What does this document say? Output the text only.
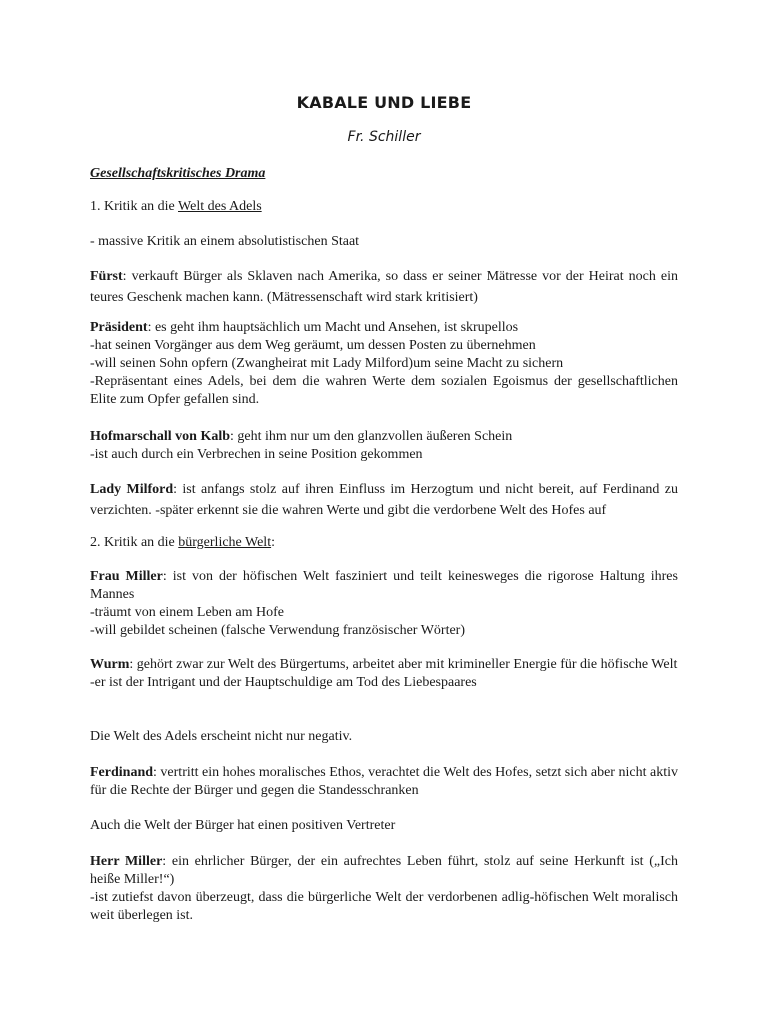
KABALE UND LIEBE
Fr. Schiller
Gesellschaftskritisches Drama
1. Kritik an die Welt des Adels
- massive Kritik an einem absolutistischen Staat
Fürst: verkauft Bürger als Sklaven nach Amerika, so dass er seiner Mätresse vor der Heirat noch ein teures Geschenk machen kann. (Mätressenschaft wird stark kritisiert)

Präsident: es geht ihm hauptsächlich um Macht und Ansehen, ist skrupellos

-hat seinen Vorgänger aus dem Weg geräumt, um dessen Posten zu übernehmen

-will seinen Sohn opfern (Zwangheirat mit Lady Milford)um seine Macht zu sichern

-Repräsentant eines Adels, bei dem die wahren Werte dem sozialen Egoismus der gesellschaftlichen Elite zum Opfer gefallen sind.

Hofmarschall von Kalb: geht ihm nur um den glanzvollen äußeren Schein

-ist auch durch ein Verbrechen in seine Position gekommen

Lady Milford: ist anfangs stolz auf ihren Einfluss im Herzogtum und nicht bereit, auf Ferdinand zu verzichten. -später erkennt sie die wahren Werte und gibt die verdorbene Welt des Hofes auf
2. Kritik an die bürgerliche Welt:

Frau Miller: ist von der höfischen Welt fasziniert und teilt keinesweges die rigorose Haltung ihres Mannes

-träumt von einem Leben am Hofe

-will gebildet scheinen (falsche Verwendung französischer Wörter)

Wurm: gehört zwar zur Welt des Bürgertums, arbeitet aber mit krimineller Energie für die höfische Welt

-er ist der Intrigant und der Hauptschuldige am Tod des Liebespaares

Die Welt des Adels erscheint nicht nur negativ.
Ferdinand: vertritt ein hohes moralisches Ethos, verachtet die Welt des Hofes, setzt sich aber nicht aktiv für die Rechte der Bürger und gegen die Standesschranken
Auch die Welt der Bürger hat einen positiven Vertreter

Herr Miller: ein ehrlicher Bürger, der ein aufrechtes Leben führt, stolz auf seine Herkunft ist („Ich heiße Miller!“)

-ist zutiefst davon überzeugt, dass die bürgerliche Welt der verdorbenen adlig-höfischen Welt moralisch weit überlegen ist.
